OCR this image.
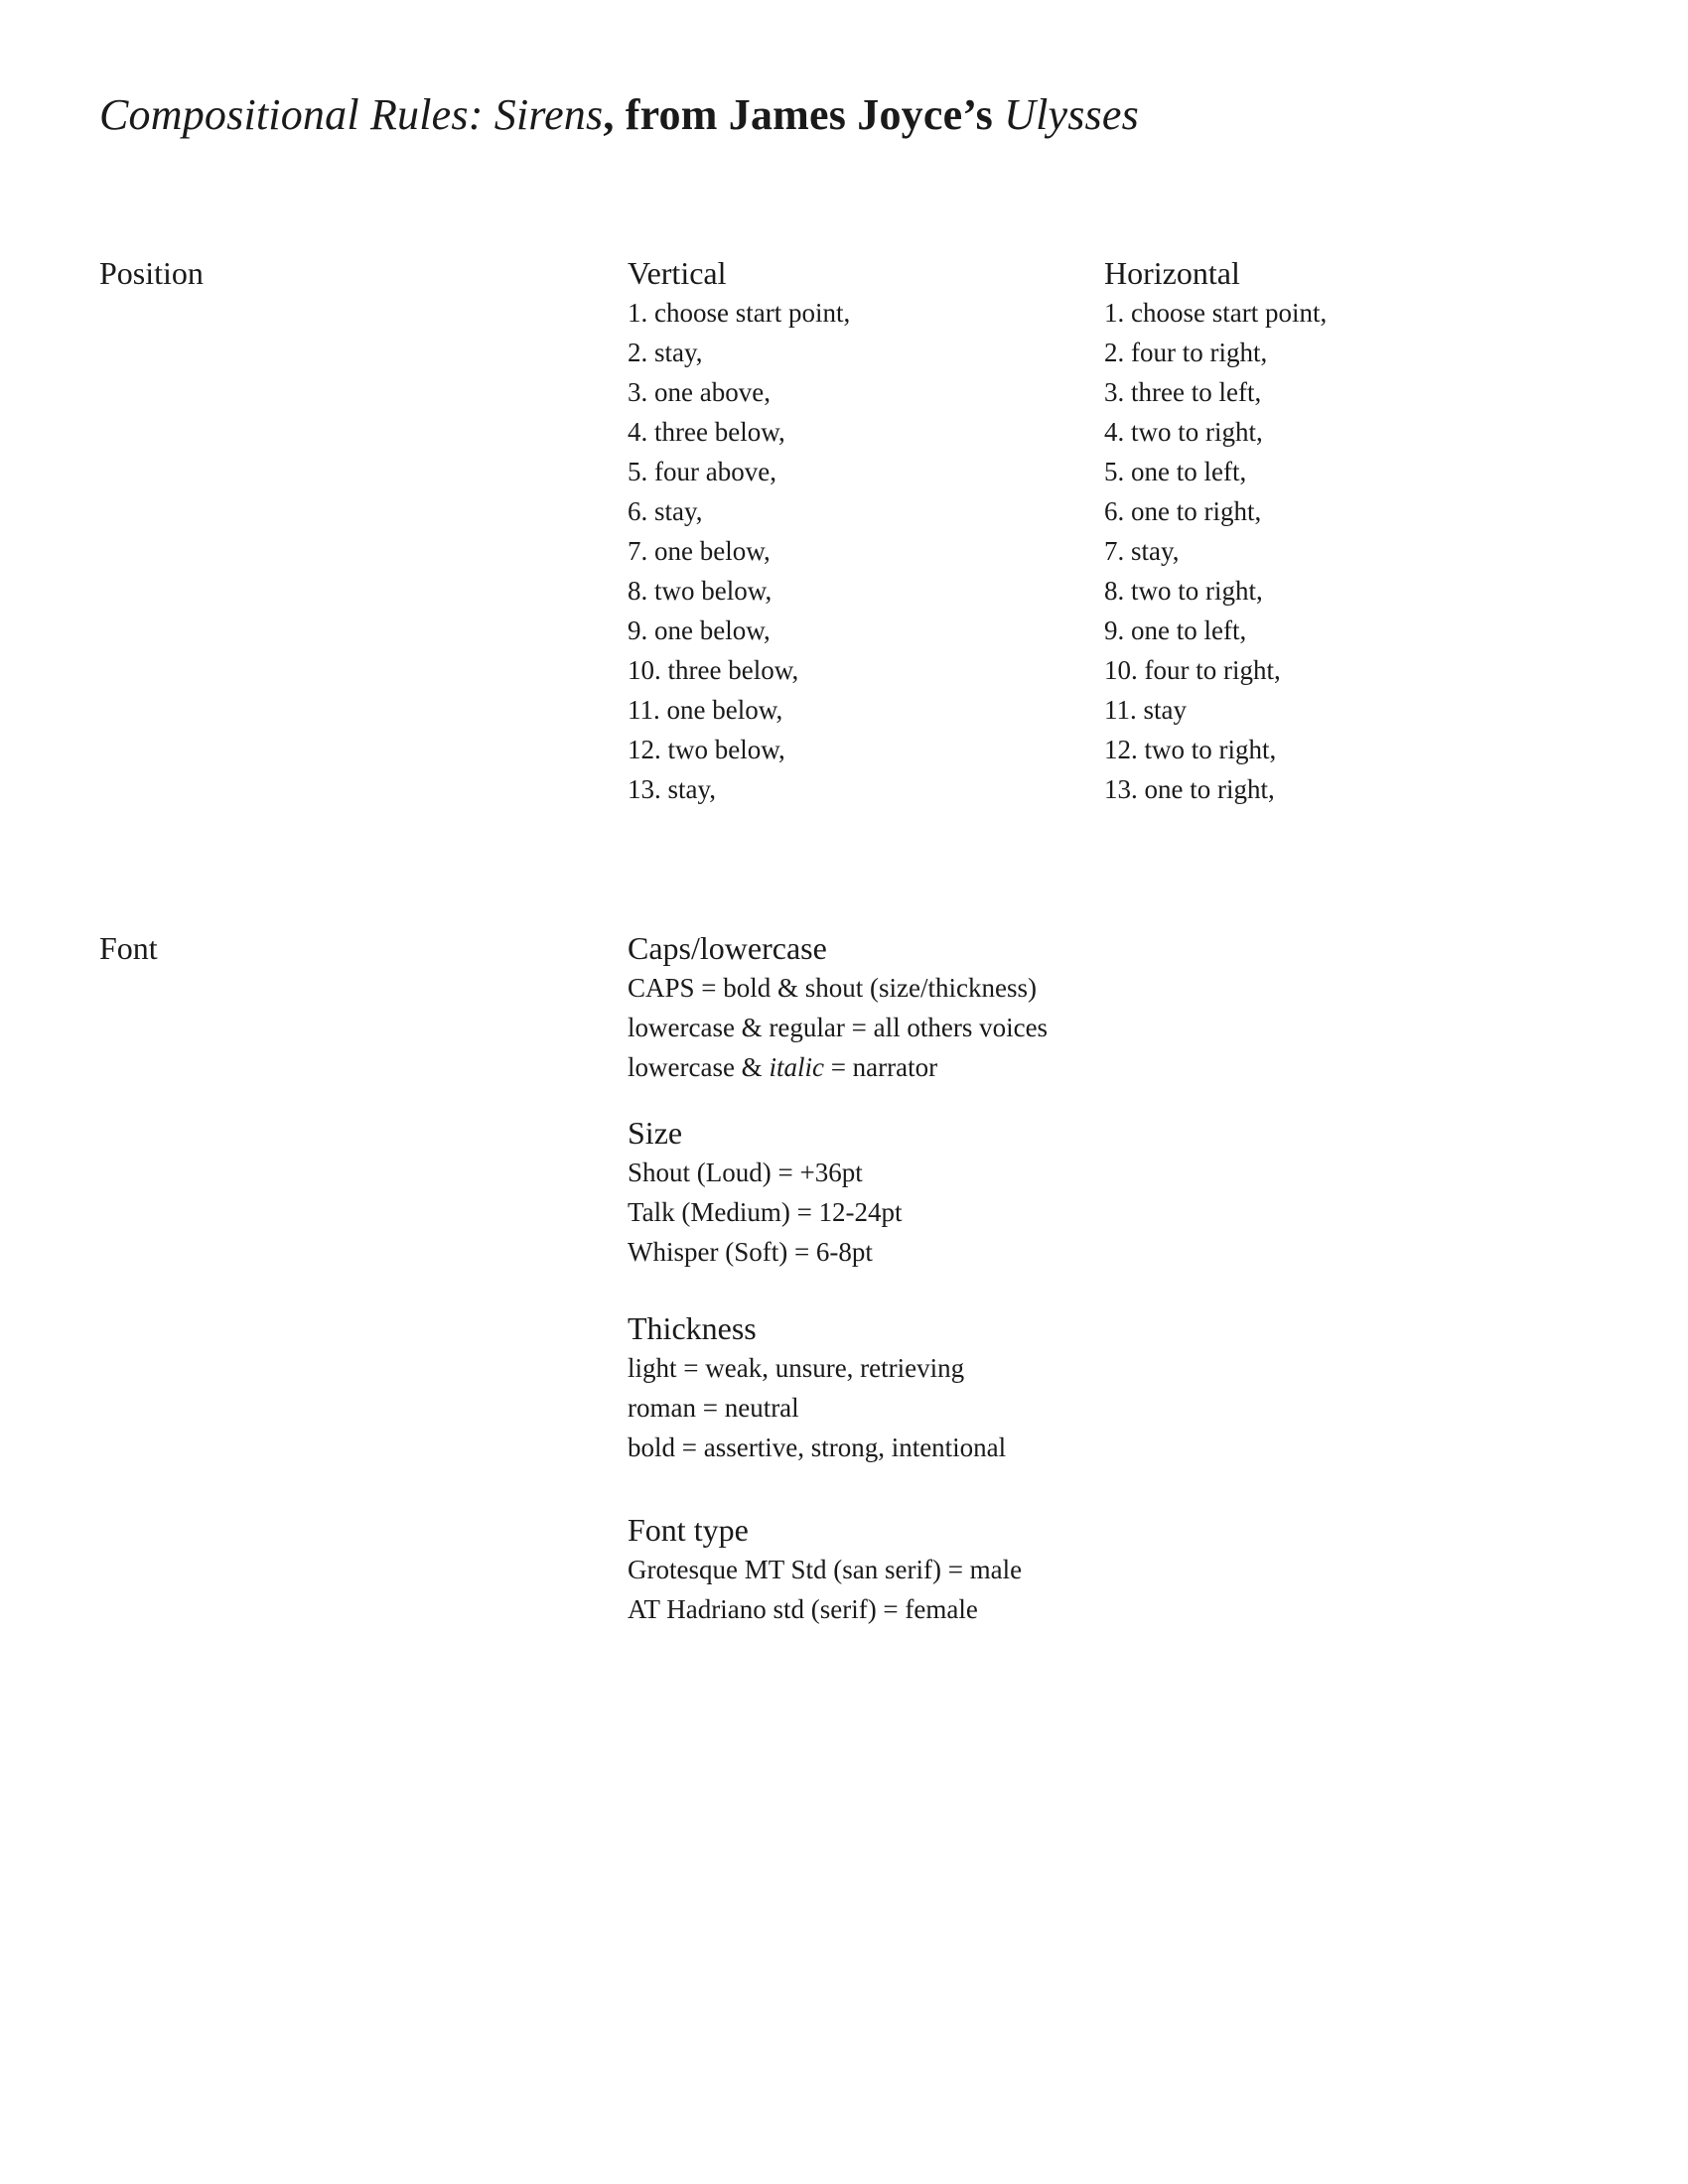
Compositional Rules: Sirens, from James Joyce’s Ulysses
Position	Vertical
1. choose start point,
2. stay,
3. one above,
4. three below,
5. four above,
6. stay,
7. one below,
8. two below,
9. one below,
10. three below,
11. one below,
12. two below,
13. stay,
Horizontal
1. choose start point,
2. four to right,
3. three to left,
4. two to right,
5. one to left,
6. one to right,
7. stay,
8. two to right,
9. one to left,
10. four to right,
11. stay
12. two to right,
13. one to right,
Font	Caps/lowercase
CAPS = bold & shout (size/thickness)
lowercase & regular = all others voices
lowercase & italic = narrator
Size
Shout (Loud) = +36pt
Talk (Medium) = 12-24pt
Whisper (Soft) = 6-8pt
Thickness
light = weak, unsure, retrieving
roman = neutral
bold = assertive, strong, intentional
Font type
Grotesque MT Std (san serif) = male
AT Hadriano std (serif) = female
